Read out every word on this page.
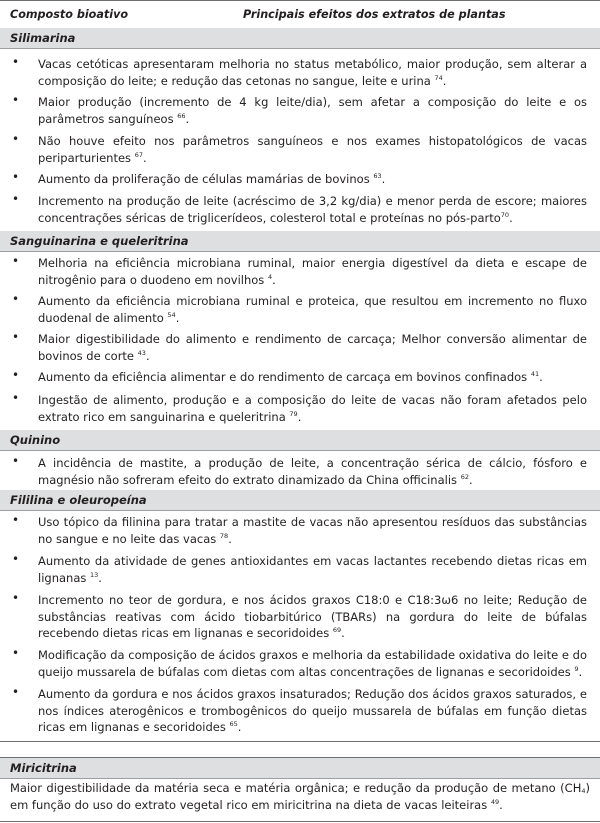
Composto bioativo	Principais efeitos dos extratos de plantas
Silimarina
• Vacas cetóticas apresentaram melhoria no status metabólico, maior produção, sem alterar a composição do leite; e redução das cetonas no sangue, leite e urina $^{74}$.
• Maior produção (incremento de 4 kg leite/dia), sem afetar a composição do leite e os parâmetros sanguíneos $^{66}$.
• Não houve efeito nos parâmetros sanguíneos e nos exames histopatológicos de vacas periparturientes $^{67}$.
• Aumento da proliferação de células mamárias de bovinos $^{63}$.
• Incremento na produção de leite (acréscimo de 3,2 kg/dia) e menor perda de escore; maiores concentrações séricas de triglicerídeos, colesterol total e proteínas no pós-parto$^{70}$.
Sanguinarina e queleritrina
• Melhoria na eficiência microbiana ruminal, maior energia digestível da dieta e escape de nitrogênio para o duodeno em novilhos $^4$.
• Aumento da eficiência microbiana ruminal e proteica, que resultou em incremento no fluxo duodenal de alimento $^{54}$.
• Maior digestibilidade do alimento e rendimento de carcaça; Melhor conversão alimentar de bovinos de corte $^{43}$.
• Aumento da eficiência alimentar e do rendimento de carcaça em bovinos confinados $^{41}$.
• Ingestão de alimento, produção e a composição do leite de vacas não foram afetados pelo extrato rico em sanguinarina e queleritrina $^{79}$.
Quinino
• A incidência de mastite, a produção de leite, a concentração sérica de cálcio, fósforo e magnésio não sofreram efeito do extrato dinamizado da China officinalis $^{62}$.
Fililina e oleuropeína
• Uso tópico da filinina para tratar a mastite de vacas não apresentou resíduos das substâncias no sangue e no leite das vacas $^{78}$.
• Aumento da atividade de genes antioxidantes em vacas lactantes recebendo dietas ricas em lignanas $^{13}$.
• Incremento no teor de gordura, e nos ácidos graxos C18:0 e C18:3ω6 no leite; Redução de substâncias reativas com ácido tiobarbitúrico (TBARs) na gordura do leite de búfalas recebendo dietas ricas em lignanas e secoridoides $^{69}$.
• Modificação da composição de ácidos graxos e melhoria da estabilidade oxidativa do leite e do queijo mussarela de búfalas com dietas com altas concentrações de lignanas e secoridoides $^9$.
• Aumento da gordura e nos ácidos graxos insaturados; Redução dos ácidos graxos saturados, e nos índices aterogênicos e trombogênicos do queijo mussarela de búfalas em função dietas ricas em lignanas e secoridoides $^{65}$.
Miricitrina
Maior digestibilidade da matéria seca e matéria orgânica; e redução da produção de metano $(CH_4)$ em função do uso do extrato vegetal rico em miricitrina na dieta de vacas leiteiras $^{49}$.
